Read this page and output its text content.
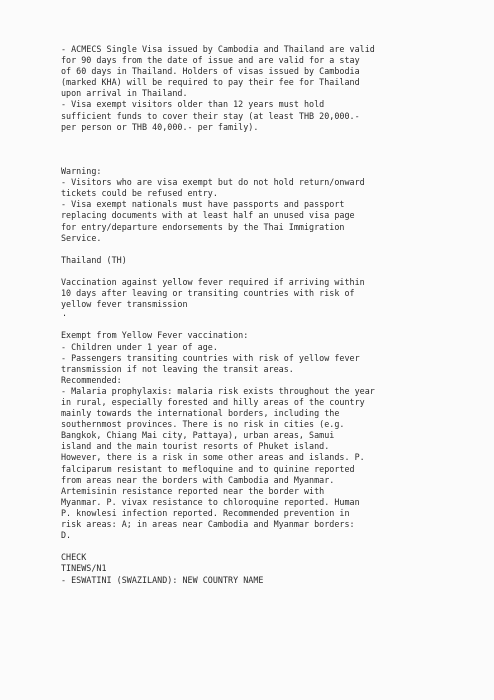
- ACMECS Single Visa issued by Cambodia and Thailand are valid
for 90 days from the date of issue and are valid for a stay
of 60 days in Thailand. Holders of visas issued by Cambodia
(marked KHA) will be required to pay their fee for Thailand
upon arrival in Thailand.
- Visa exempt visitors older than 12 years must hold
sufficient funds to cover their stay (at least THB 20,000.-
per person or THB 40,000.- per family).
Warning:
- Visitors who are visa exempt but do not hold return/onward
tickets could be refused entry.
- Visa exempt nationals must have passports and passport
replacing documents with at least half an unused visa page
for entry/departure endorsements by the Thai Immigration
Service.
Thailand (TH)
Vaccination against yellow fever required if arriving within
10 days after leaving or transiting countries with risk of
yellow fever transmission
.
Exempt from Yellow Fever vaccination:
- Children under 1 year of age.
- Passengers transiting countries with risk of yellow fever
transmission if not leaving the transit areas.
Recommended:
- Malaria prophylaxis: malaria risk exists throughout the year
in rural, especially forested and hilly areas of the country
mainly towards the international borders, including the
southernmost provinces. There is no risk in cities (e.g.
Bangkok, Chiang Mai city, Pattaya), urban areas, Samui
island and the main tourist resorts of Phuket island.
However, there is a risk in some other areas and islands. P.
falciparum resistant to mefloquine and to quinine reported
from areas near the borders with Cambodia and Myanmar.
Artemisinin resistance reported near the border with
Myanmar. P. vivax resistance to chloroquine reported. Human
P. knowlesi infection reported. Recommended prevention in
risk areas: A; in areas near Cambodia and Myanmar borders:
D.
CHECK
TINEWS/N1
- ESWATINI (SWAZILAND): NEW COUNTRY NAME
